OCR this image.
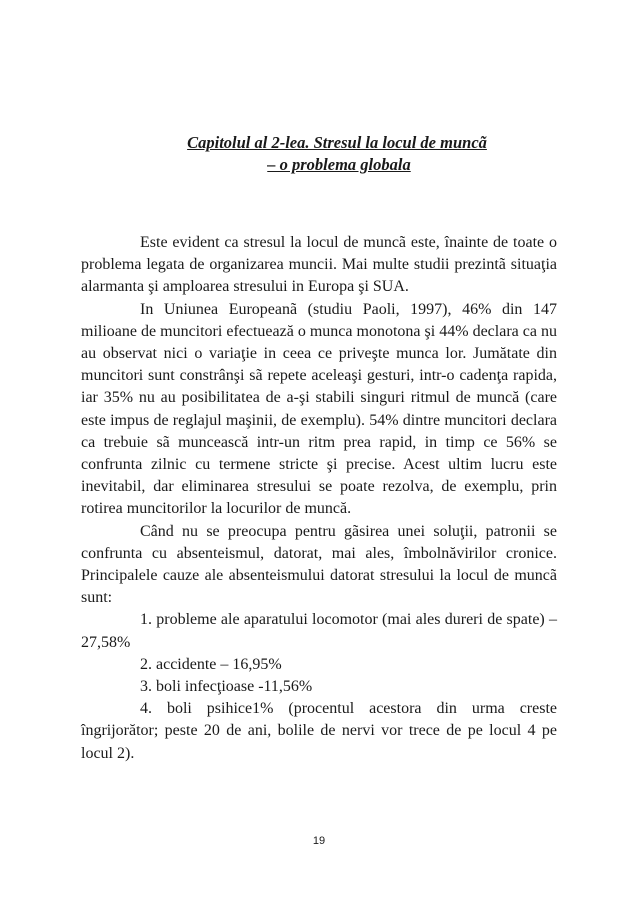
Capitolul al 2-lea. Stresul la locul de muncã
– o problema globala

Este evident ca stresul la locul de muncã este, înainte de toate o problema legata de organizarea muncii. Mai multe studii prezintã situaţia alarmanta şi amploarea stresului in Europa şi SUA.

In Uniunea Europeanã (studiu Paoli, 1997), 46% din 147 milioane de muncitori efectuează o munca monotona şi 44% declara ca nu au observat nici o variaţie in ceea ce priveşte munca lor. Jumătate din muncitori sunt constrânşi sã repete aceleaşi gesturi, intr-o cadenţa rapida, iar 35% nu au posibilitatea de a-şi stabili singuri ritmul de muncă (care este impus de reglajul maşinii, de exemplu). 54% dintre muncitori declara ca trebuie sã muncească intr-un ritm prea rapid, in timp ce 56% se confrunta zilnic cu termene stricte şi precise. Acest ultim lucru este inevitabil, dar eliminarea stresului se poate rezolva, de exemplu, prin rotirea muncitorilor la locurilor de muncă.

Când nu se preocupa pentru gãsirea unei soluţii, patronii se confrunta cu absenteismul, datorat, mai ales, îmbolnăvirilor cronice. Principalele cauze ale absenteismului datorat stresului la locul de muncã sunt:

1. probleme ale aparatului locomotor (mai ales dureri de spate) – 27,58%

2. accidente – 16,95%

3. boli infecţioase -11,56%

4. boli psihice1% (procentul acestora din urma creste îngrijorător; peste 20 de ani, bolile de nervi vor trece de pe locul 4 pe locul 2).

19
